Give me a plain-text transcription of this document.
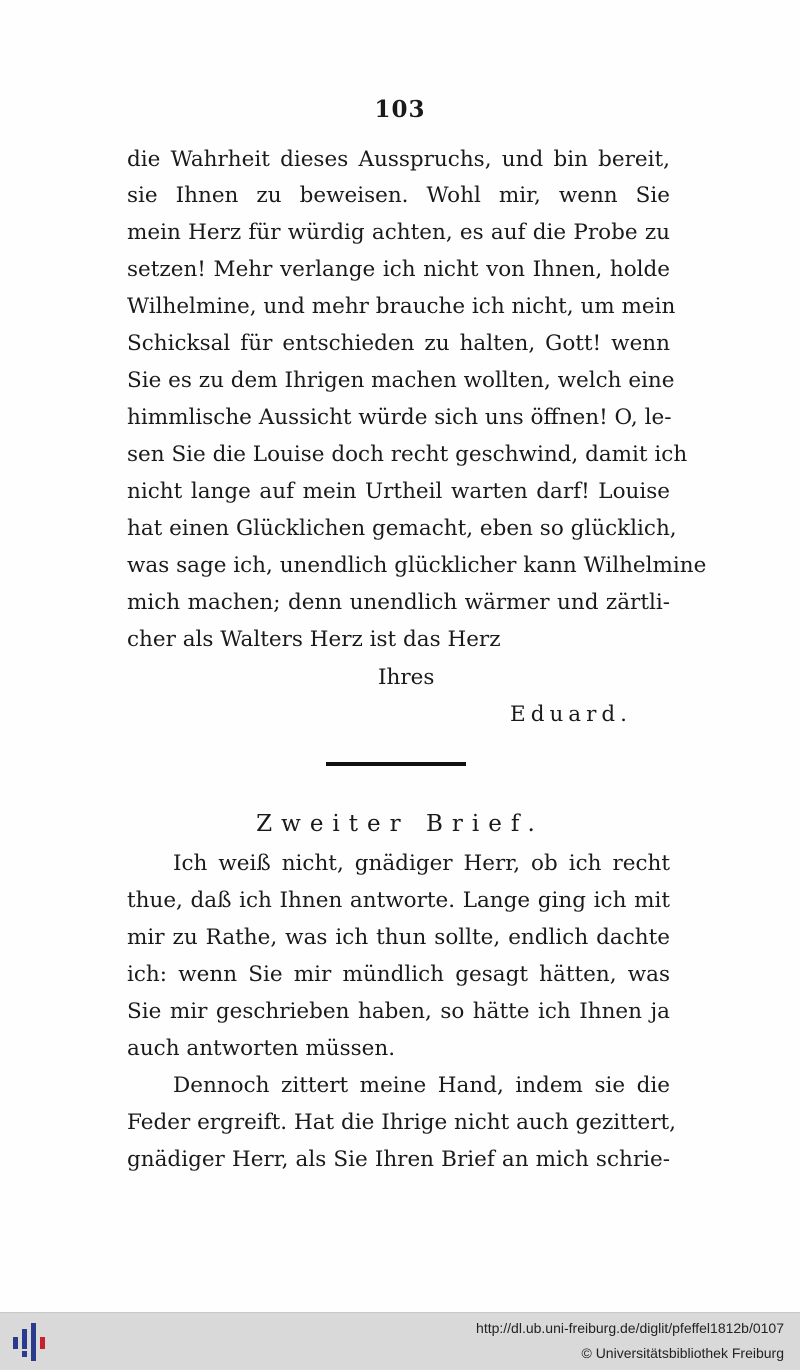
103
die Wahrheit dieses Ausspruchs, und bin bereit,
sie Ihnen zu beweisen. Wohl mir, wenn Sie
mein Herz für würdig achten, es auf die Probe zu
setzen! Mehr verlange ich nicht von Ihnen, holde
Wilhelmine, und mehr brauche ich nicht, um mein
Schicksal für entschieden zu halten, Gott! wenn
Sie es zu dem Ihrigen machen wollten, welch eine
himmlische Aussicht würde sich uns öffnen! O, le-
sen Sie die Louise doch recht geschwind, damit ich
nicht lange auf mein Urtheil warten darf! Louise
hat einen Glücklichen gemacht, eben so glücklich,
was sage ich, unendlich glücklicher kann Wilhelmine
mich machen; denn unendlich wärmer und zärtli-
cher als Walters Herz ist das Herz
Ihres
Eduard.
Zweiter Brief.
Ich weiß nicht, gnädiger Herr, ob ich recht
thue, daß ich Ihnen antworte. Lange ging ich mit
mir zu Rathe, was ich thun sollte, endlich dachte
ich: wenn Sie mir mündlich gesagt hätten, was
Sie mir geschrieben haben, so hätte ich Ihnen ja
auch antworten müssen.
Dennoch zittert meine Hand, indem sie die
Feder ergreift. Hat die Ihrige nicht auch gezittert,
gnädiger Herr, als Sie Ihren Brief an mich schrie-
http://dl.ub.uni-freiburg.de/diglit/pfeffel1812b/0107
© Universitätsbibliothek Freiburg
